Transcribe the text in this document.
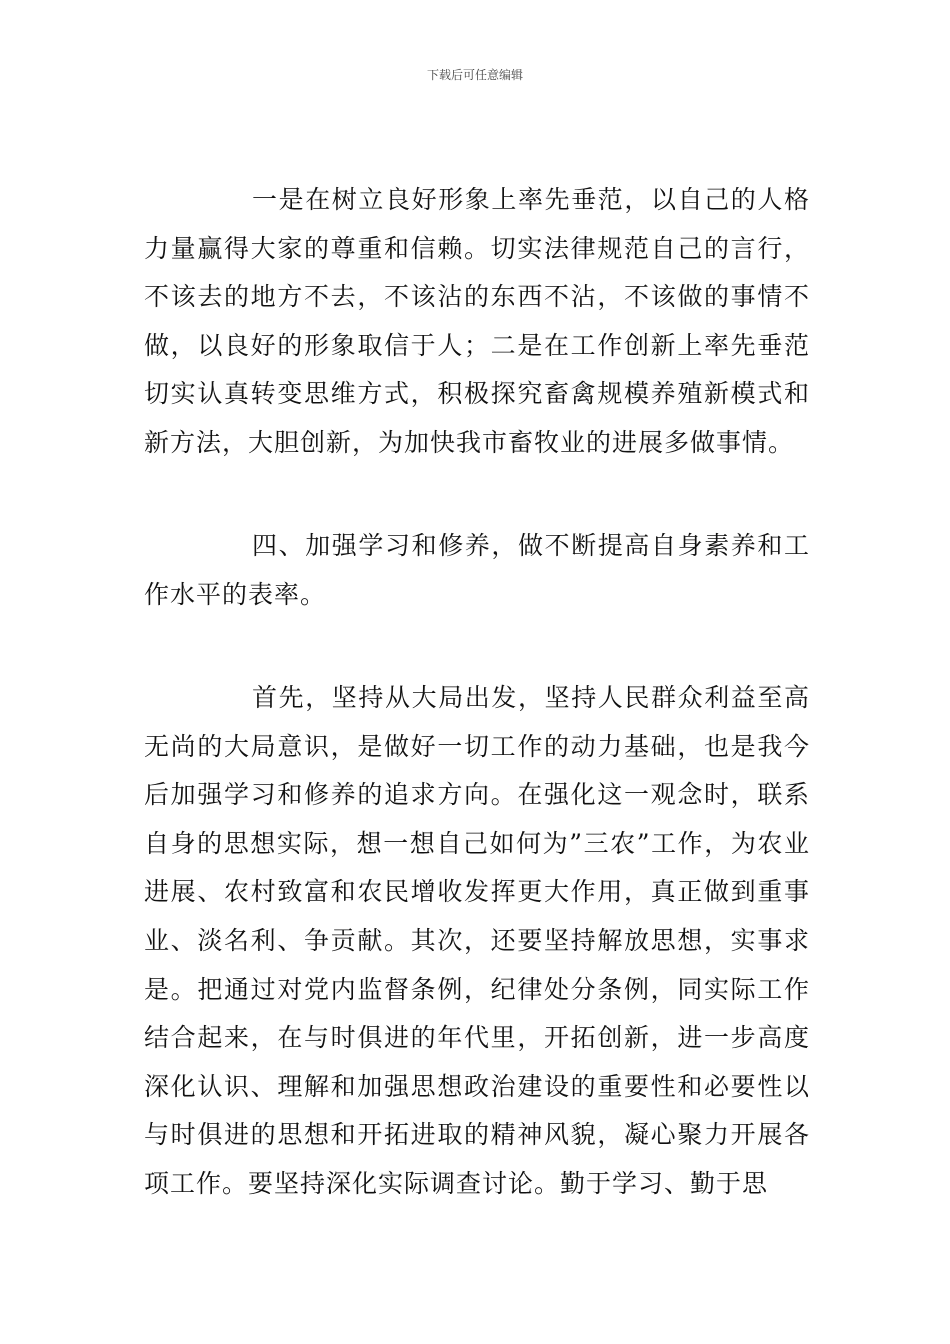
下载后可任意编辑

一是在树立良好形象上率先垂范，以自己的人格力量赢得大家的尊重和信赖。切实法律规范自己的言行，不该去的地方不去，不该沾的东西不沾，不该做的事情不做，以良好的形象取信于人；二是在工作创新上率先垂范切实认真转变思维方式，积极探究畜禽规模养殖新模式和新方法，大胆创新，为加快我市畜牧业的进展多做事情。

四、加强学习和修养，做不断提高自身素养和工作水平的表率。

首先，坚持从大局出发，坚持人民群众利益至高无尚的大局意识，是做好一切工作的动力基础，也是我今后加强学习和修养的追求方向。在强化这一观念时，联系自身的思想实际，想一想自己如何为”三农”工作，为农业进展、农村致富和农民增收发挥更大作用，真正做到重事业、淡名利、争贡献。其次，还要坚持解放思想，实事求是。把通过对党内监督条例，纪律处分条例，同实际工作结合起来，在与时俱进的年代里，开拓创新，进一步高度深化认识、理解和加强思想政治建设的重要性和必要性以与时俱进的思想和开拓进取的精神风貌，凝心聚力开展各项工作。要坚持深化实际调查讨论。勤于学习、勤于思
